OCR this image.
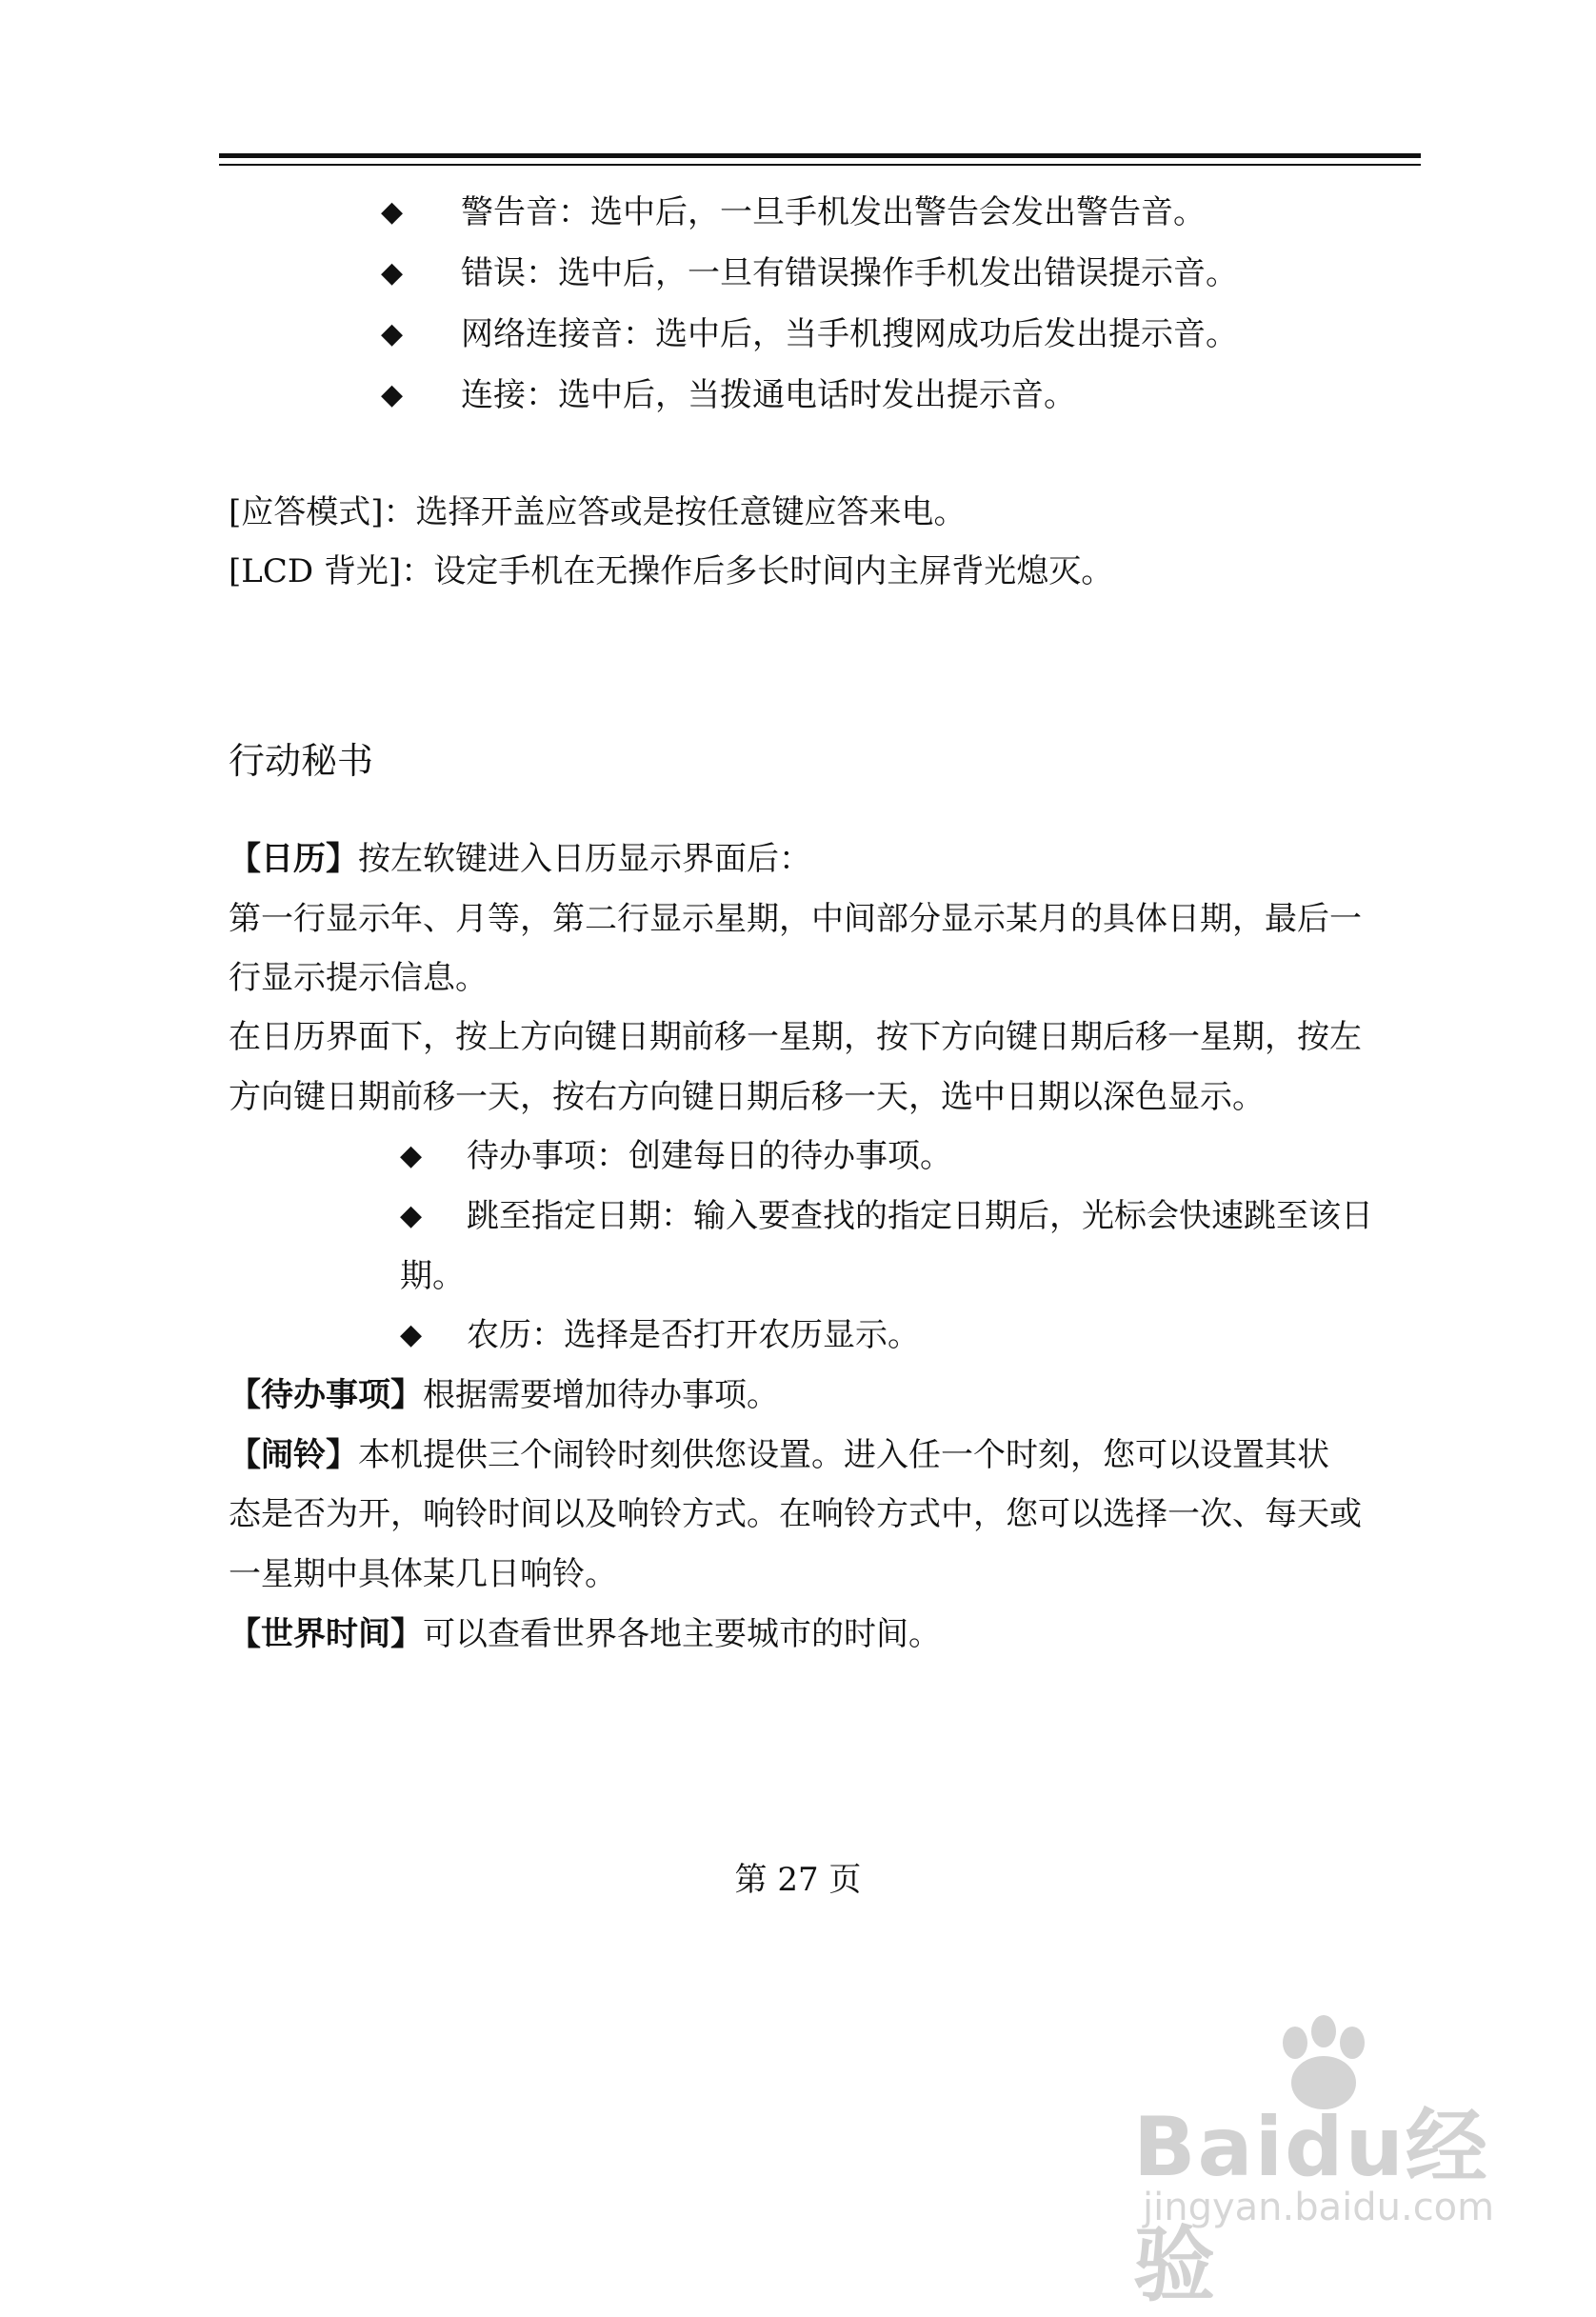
◆ 警告音：选中后，一旦手机发出警告会发出警告音。
◆ 错误：选中后，一旦有错误操作手机发出错误提示音。
◆ 网络连接音：选中后，当手机搜网成功后发出提示音。
◆ 连接：选中后，当拨通电话时发出提示音。
[应答模式]：选择开盖应答或是按任意键应答来电。
[LCD 背光]：设定手机在无操作后多长时间内主屏背光熄灭。
行动秘书
【日历】按左软键进入日历显示界面后：
第一行显示年、月等，第二行显示星期，中间部分显示某月的具体日期，最后一
行显示提示信息。
在日历界面下，按上方向键日期前移一星期，按下方向键日期后移一星期，按左
方向键日期前移一天，按右方向键日期后移一天，选中日期以深色显示。
◆ 待办事项：创建每日的待办事项。
◆ 跳至指定日期：输入要查找的指定日期后，光标会快速跳至该日
期。
◆ 农历：选择是否打开农历显示。
【待办事项】根据需要增加待办事项。
【闹铃】本机提供三个闹铃时刻供您设置。进入任一个时刻，您可以设置其状
态是否为开，响铃时间以及响铃方式。在响铃方式中，您可以选择一次、每天或
一星期中具体某几日响铃。
【世界时间】可以查看世界各地主要城市的时间。
第 27 页
Baidu经验
jingyan.baidu.com
